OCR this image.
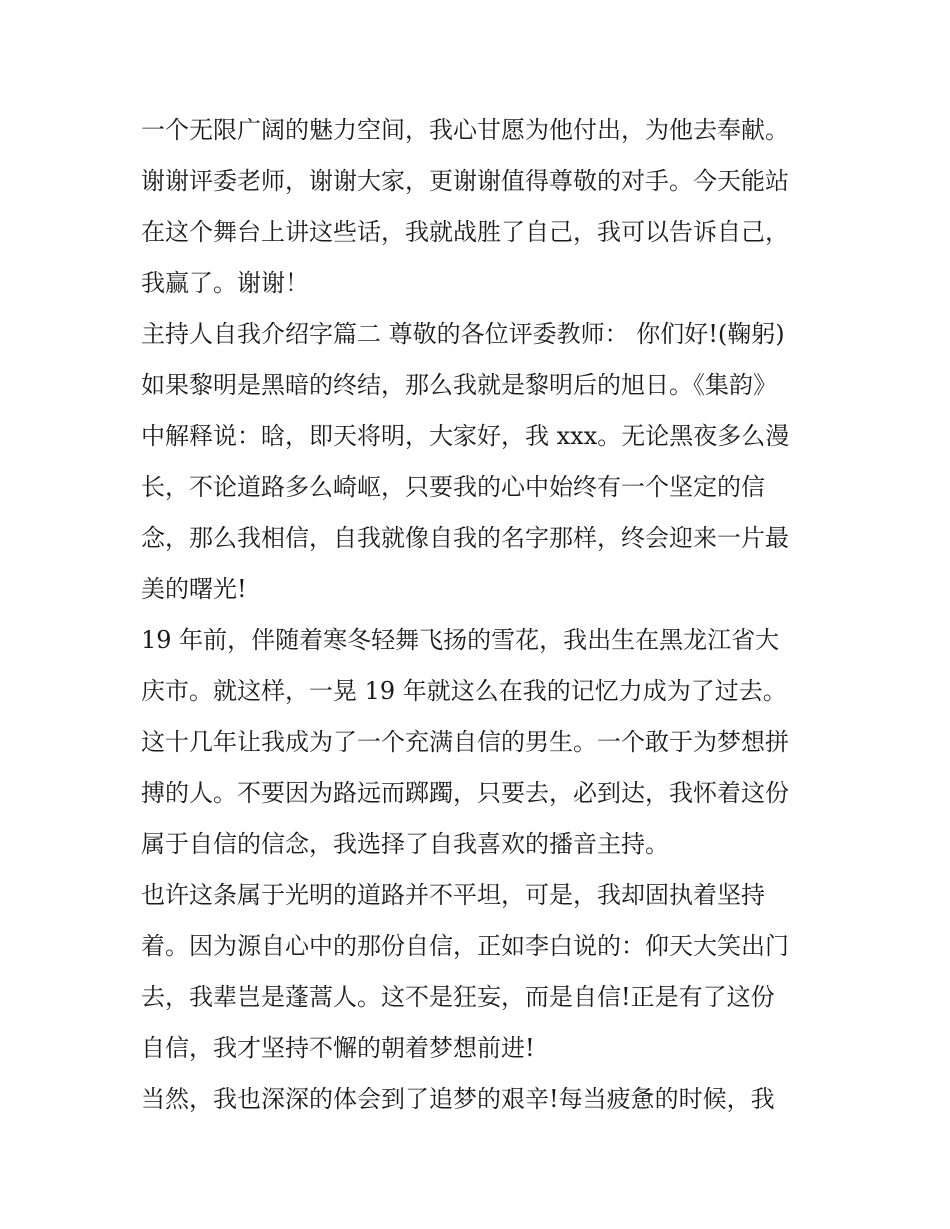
一个无限广阔的魅力空间，我心甘愿为他付出，为他去奉献。
谢谢评委老师，谢谢大家，更谢谢值得尊敬的对手。今天能站
在这个舞台上讲这些话，我就战胜了自己，我可以告诉自己，
我赢了。谢谢！
主持人自我介绍字篇二 尊敬的各位评委教师： 你们好!(鞠躬)
如果黎明是黑暗的终结，那么我就是黎明后的旭日。《集韵》
中解释说：晗，即天将明，大家好，我 xxx。无论黑夜多么漫
长，不论道路多么崎岖，只要我的心中始终有一个坚定的信
念，那么我相信，自我就像自我的名字那样，终会迎来一片最
美的曙光!
19 年前，伴随着寒冬轻舞飞扬的雪花，我出生在黑龙江省大
庆市。就这样，一晃 19 年就这么在我的记忆力成为了过去。
这十几年让我成为了一个充满自信的男生。一个敢于为梦想拼
搏的人。不要因为路远而踯躅，只要去，必到达，我怀着这份
属于自信的信念，我选择了自我喜欢的播音主持。
也许这条属于光明的道路并不平坦，可是，我却固执着坚持
着。因为源自心中的那份自信，正如李白说的：仰天大笑出门
去，我辈岂是蓬蒿人。这不是狂妄，而是自信!正是有了这份
自信，我才坚持不懈的朝着梦想前进!
当然，我也深深的体会到了追梦的艰辛!每当疲惫的时候，我
